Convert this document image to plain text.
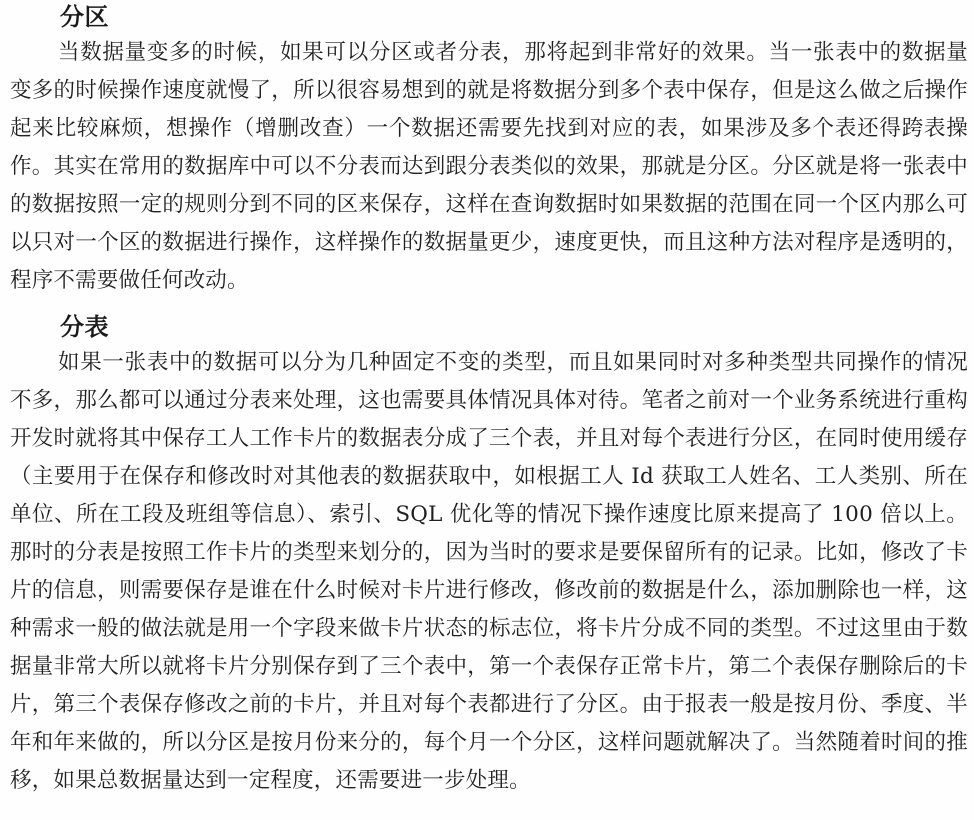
分区

当数据量变多的时候，如果可以分区或者分表，那将起到非常好的效果。当一张表中的数据量变多的时候操作速度就慢了，所以很容易想到的就是将数据分到多个表中保存，但是这么做之后操作起来比较麻烦，想操作（增删改查）一个数据还需要先找到对应的表，如果涉及多个表还得跨表操作。其实在常用的数据库中可以不分表而达到跟分表类似的效果，那就是分区。分区就是将一张表中的数据按照一定的规则分到不同的区来保存，这样在查询数据时如果数据的范围在同一个区内那么可以只对一个区的数据进行操作，这样操作的数据量更少，速度更快，而且这种方法对程序是透明的，程序不需要做任何改动。

分表

如果一张表中的数据可以分为几种固定不变的类型，而且如果同时对多种类型共同操作的情况不多，那么都可以通过分表来处理，这也需要具体情况具体对待。笔者之前对一个业务系统进行重构开发时就将其中保存工人工作卡片的数据表分成了三个表，并且对每个表进行分区，在同时使用缓存（主要用于在保存和修改时对其他表的数据获取中，如根据工人 Id 获取工人姓名、工人类别、所在单位、所在工段及班组等信息）、索引、SQL 优化等的情况下操作速度比原来提高了 100 倍以上。那时的分表是按照工作卡片的类型来划分的，因为当时的要求是要保留所有的记录。比如，修改了卡片的信息，则需要保存是谁在什么时候对卡片进行修改，修改前的数据是什么，添加删除也一样，这种需求一般的做法就是用一个字段来做卡片状态的标志位，将卡片分成不同的类型。不过这里由于数据量非常大所以就将卡片分别保存到了三个表中，第一个表保存正常卡片，第二个表保存删除后的卡片，第三个表保存修改之前的卡片，并且对每个表都进行了分区。由于报表一般是按月份、季度、半年和年来做的，所以分区是按月份来分的，每个月一个分区，这样问题就解决了。当然随着时间的推移，如果总数据量达到一定程度，还需要进一步处理。
